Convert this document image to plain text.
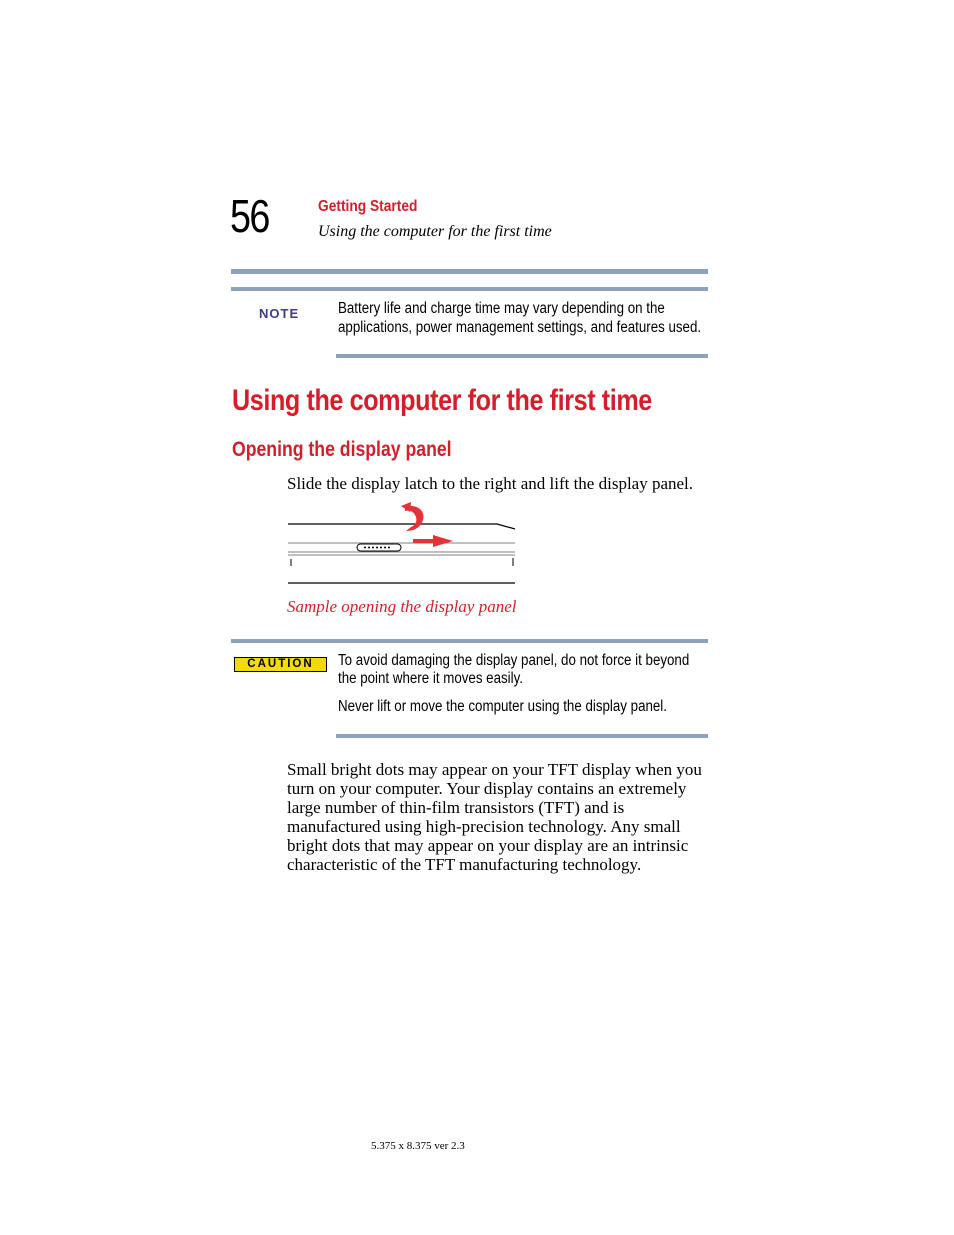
56	Getting Started
Using the computer for the first time
NOTE	Battery life and charge time may vary depending on the
applications, power management settings, and features used.
Using the computer for the first time
Opening the display panel
Slide the display latch to the right and lift the display panel.
Sample opening the display panel
CAUTION	To avoid damaging the display panel, do not force it beyond
the point where it moves easily.
Never lift or move the computer using the display panel.
Small bright dots may appear on your TFT display when you
turn on your computer. Your display contains an extremely
large number of thin-film transistors (TFT) and is
manufactured using high-precision technology. Any small
bright dots that may appear on your display are an intrinsic
characteristic of the TFT manufacturing technology.
5.375 x 8.375 ver 2.3
